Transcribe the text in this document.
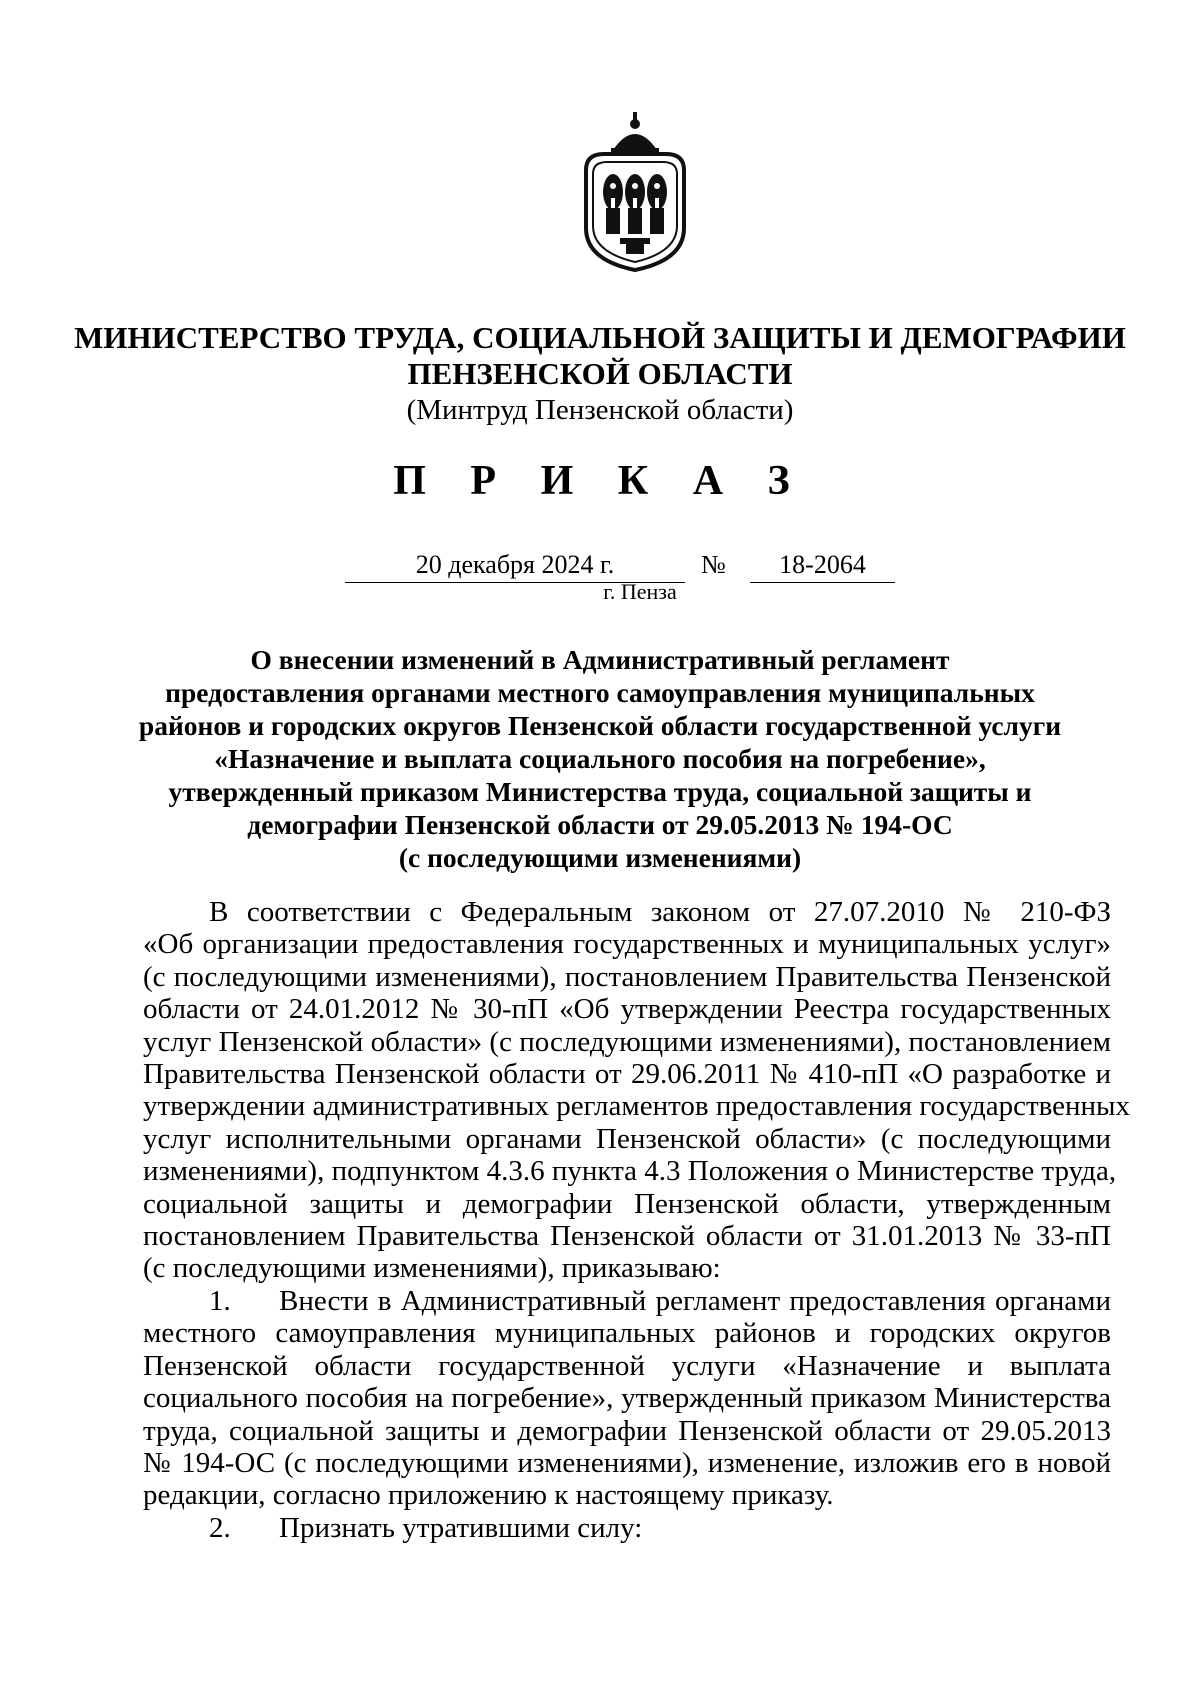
МИНИСТЕРСТВО ТРУДА, СОЦИАЛЬНОЙ ЗАЩИТЫ И ДЕМОГРАФИИ
ПЕНЗЕНСКОЙ ОБЛАСТИ
(Минтруд Пензенской области)
П Р И К А З
20 декабря 2024 г.	№	18-2064
г. Пенза
О внесении изменений в Административный регламент
предоставления органами местного самоуправления муниципальных
районов и городских округов Пензенской области государственной услуги
«Назначение и выплата социального пособия на погребение»,
утвержденный приказом Министерства труда, социальной защиты и
демографии Пензенской области от 29.05.2013 № 194-ОС
(с последующими изменениями)
В соответствии с Федеральным законом от 27.07.2010 № 210-ФЗ
«Об организации предоставления государственных и муниципальных услуг»
(с последующими изменениями), постановлением Правительства Пензенской
области от 24.01.2012 № 30-пП «Об утверждении Реестра государственных
услуг Пензенской области» (с последующими изменениями), постановлением
Правительства Пензенской области от 29.06.2011 № 410-пП «О разработке и
утверждении административных регламентов предоставления государственных
услуг исполнительными органами Пензенской области» (с последующими
изменениями), подпунктом 4.3.6 пункта 4.3 Положения о Министерстве труда,
социальной защиты и демографии Пензенской области, утвержденным
постановлением Правительства Пензенской области от 31.01.2013 № 33-пП
(с последующими изменениями), приказываю:
1. Внести в Административный регламент предоставления органами
местного самоуправления муниципальных районов и городских округов
Пензенской области государственной услуги «Назначение и выплата
социального пособия на погребение», утвержденный приказом Министерства
труда, социальной защиты и демографии Пензенской области от 29.05.2013
№ 194-ОС (с последующими изменениями), изменение, изложив его в новой
редакции, согласно приложению к настоящему приказу.
2. Признать утратившими силу:
